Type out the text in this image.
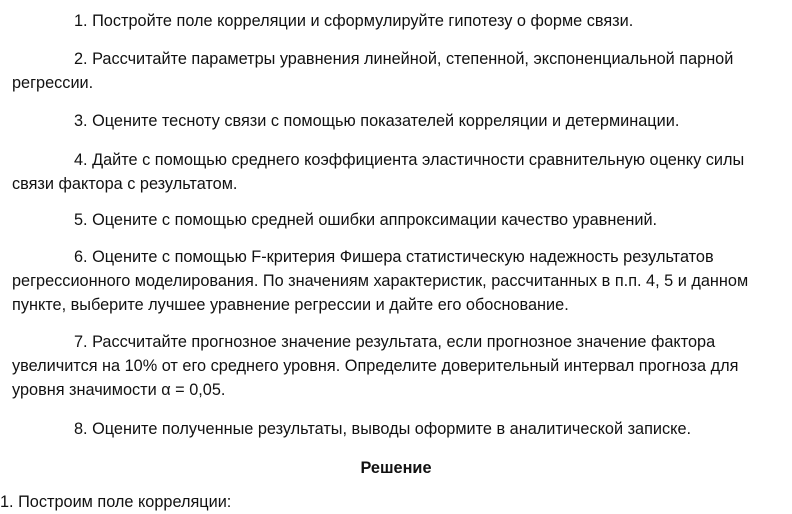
1. Постройте поле корреляции и сформулируйте гипотезу о форме связи.

2. Рассчитайте параметры уравнения линейной, степенной, экспоненциальной парной регрессии.

3. Оцените тесноту связи с помощью показателей корреляции и детерминации.

4. Дайте с помощью среднего коэффициента эластичности сравнительную оценку силы связи фактора с результатом.

5. Оцените с помощью средней ошибки аппроксимации качество уравнений.

6. Оцените с помощью F-критерия Фишера статистическую надежность результатов регрессионного моделирования. По значениям характеристик, рассчитанных в п.п. 4, 5 и данном пункте, выберите лучшее уравнение регрессии и дайте его обоснование.

7. Рассчитайте прогнозное значение результата, если прогнозное значение фактора увеличится на 10% от его среднего уровня. Определите доверительный интервал прогноза для уровня значимости α = 0,05.

8. Оцените полученные результаты, выводы оформите в аналитической записке.

Решение

1. Построим поле корреляции:
